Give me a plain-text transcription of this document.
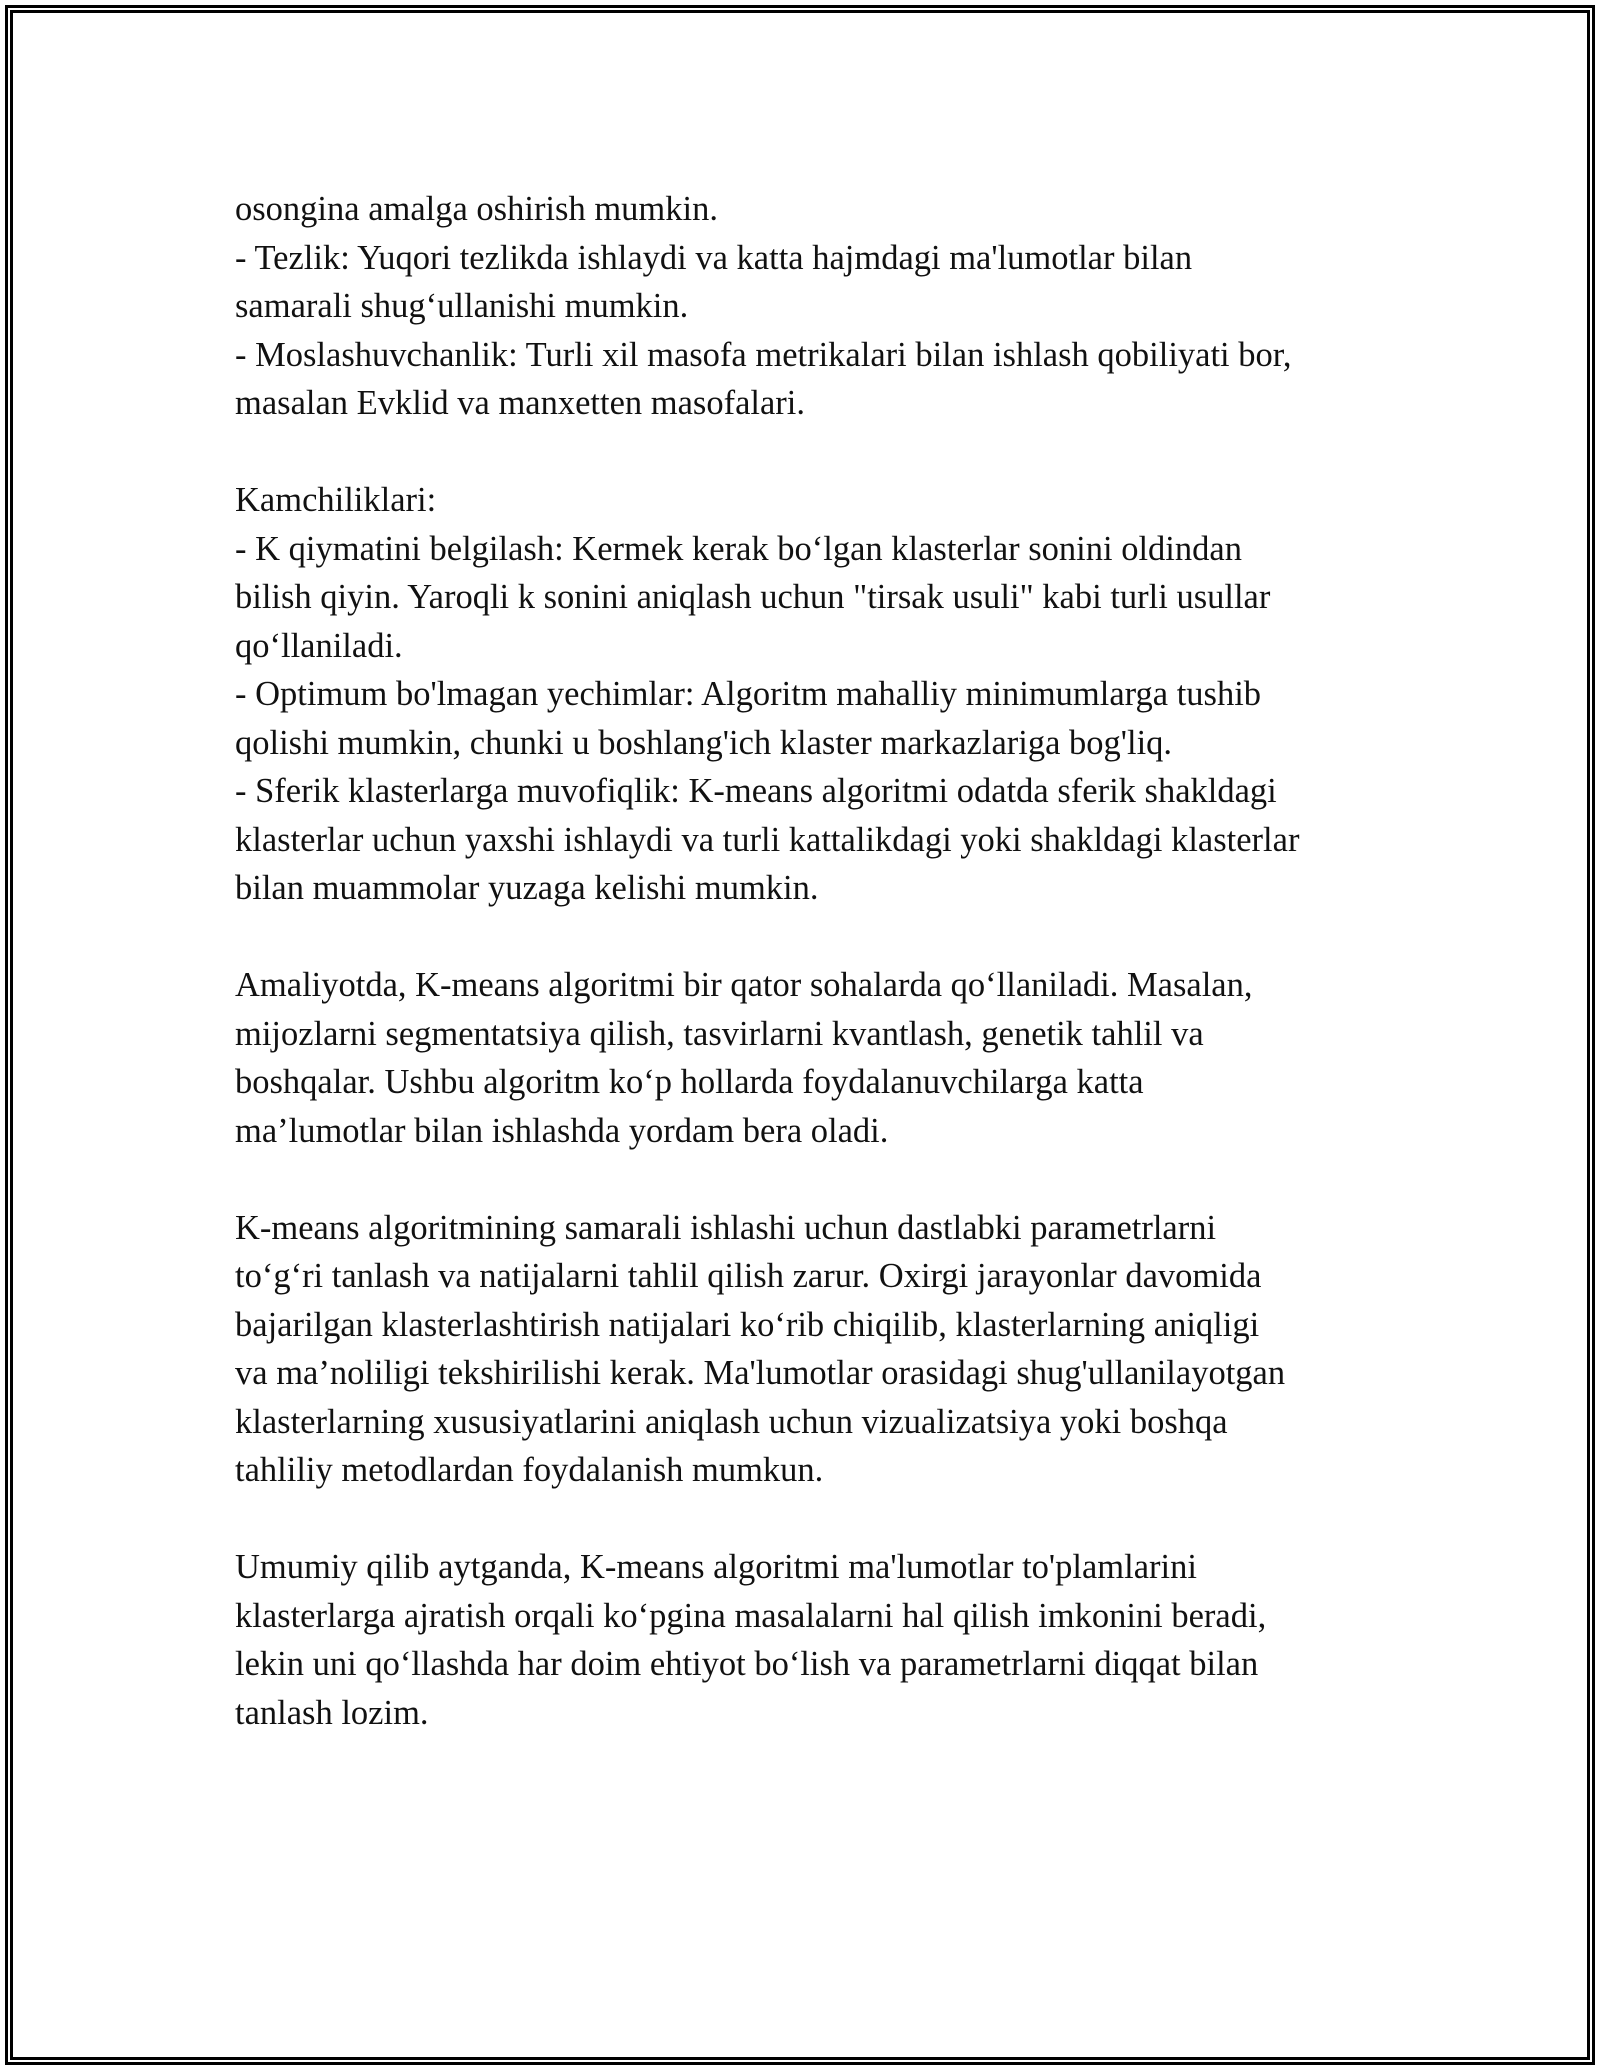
osongina amalga oshirish mumkin.
- Tezlik: Yuqori tezlikda ishlaydi va katta hajmdagi ma'lumotlar bilan
samarali shug‘ullanishi mumkin.
- Moslashuvchanlik: Turli xil masofa metrikalari bilan ishlash qobiliyati bor,
masalan Evklid va manxetten masofalari.
Kamchiliklari:
- K qiymatini belgilash: Kermek kerak bo‘lgan klasterlar sonini oldindan
bilish qiyin. Yaroqli k sonini aniqlash uchun "tirsak usuli" kabi turli usullar
qo‘llaniladi.
- Optimum bo'lmagan yechimlar: Algoritm mahalliy minimumlarga tushib
qolishi mumkin, chunki u boshlang'ich klaster markazlariga bog'liq.
- Sferik klasterlarga muvofiqlik: K-means algoritmi odatda sferik shakldagi
klasterlar uchun yaxshi ishlaydi va turli kattalikdagi yoki shakldagi klasterlar
bilan muammolar yuzaga kelishi mumkin.
Amaliyotda, K-means algoritmi bir qator sohalarda qo‘llaniladi. Masalan,
mijozlarni segmentatsiya qilish, tasvirlarni kvantlash, genetik tahlil va
boshqalar. Ushbu algoritm ko‘p hollarda foydalanuvchilarga katta
ma’lumotlar bilan ishlashda yordam bera oladi.
K-means algoritmining samarali ishlashi uchun dastlabki parametrlarni
to‘g‘ri tanlash va natijalarni tahlil qilish zarur. Oxirgi jarayonlar davomida
bajarilgan klasterlashtirish natijalari ko‘rib chiqilib, klasterlarning aniqligi
va ma’noliligi tekshirilishi kerak. Ma'lumotlar orasidagi shug'ullanilayotgan
klasterlarning xususiyatlarini aniqlash uchun vizualizatsiya yoki boshqa
tahliliy metodlardan foydalanish mumkun.
Umumiy qilib aytganda, K-means algoritmi ma'lumotlar to'plamlarini
klasterlarga ajratish orqali ko‘pgina masalalarni hal qilish imkonini beradi,
lekin uni qo‘llashda har doim ehtiyot bo‘lish va parametrlarni diqqat bilan
tanlash lozim.
